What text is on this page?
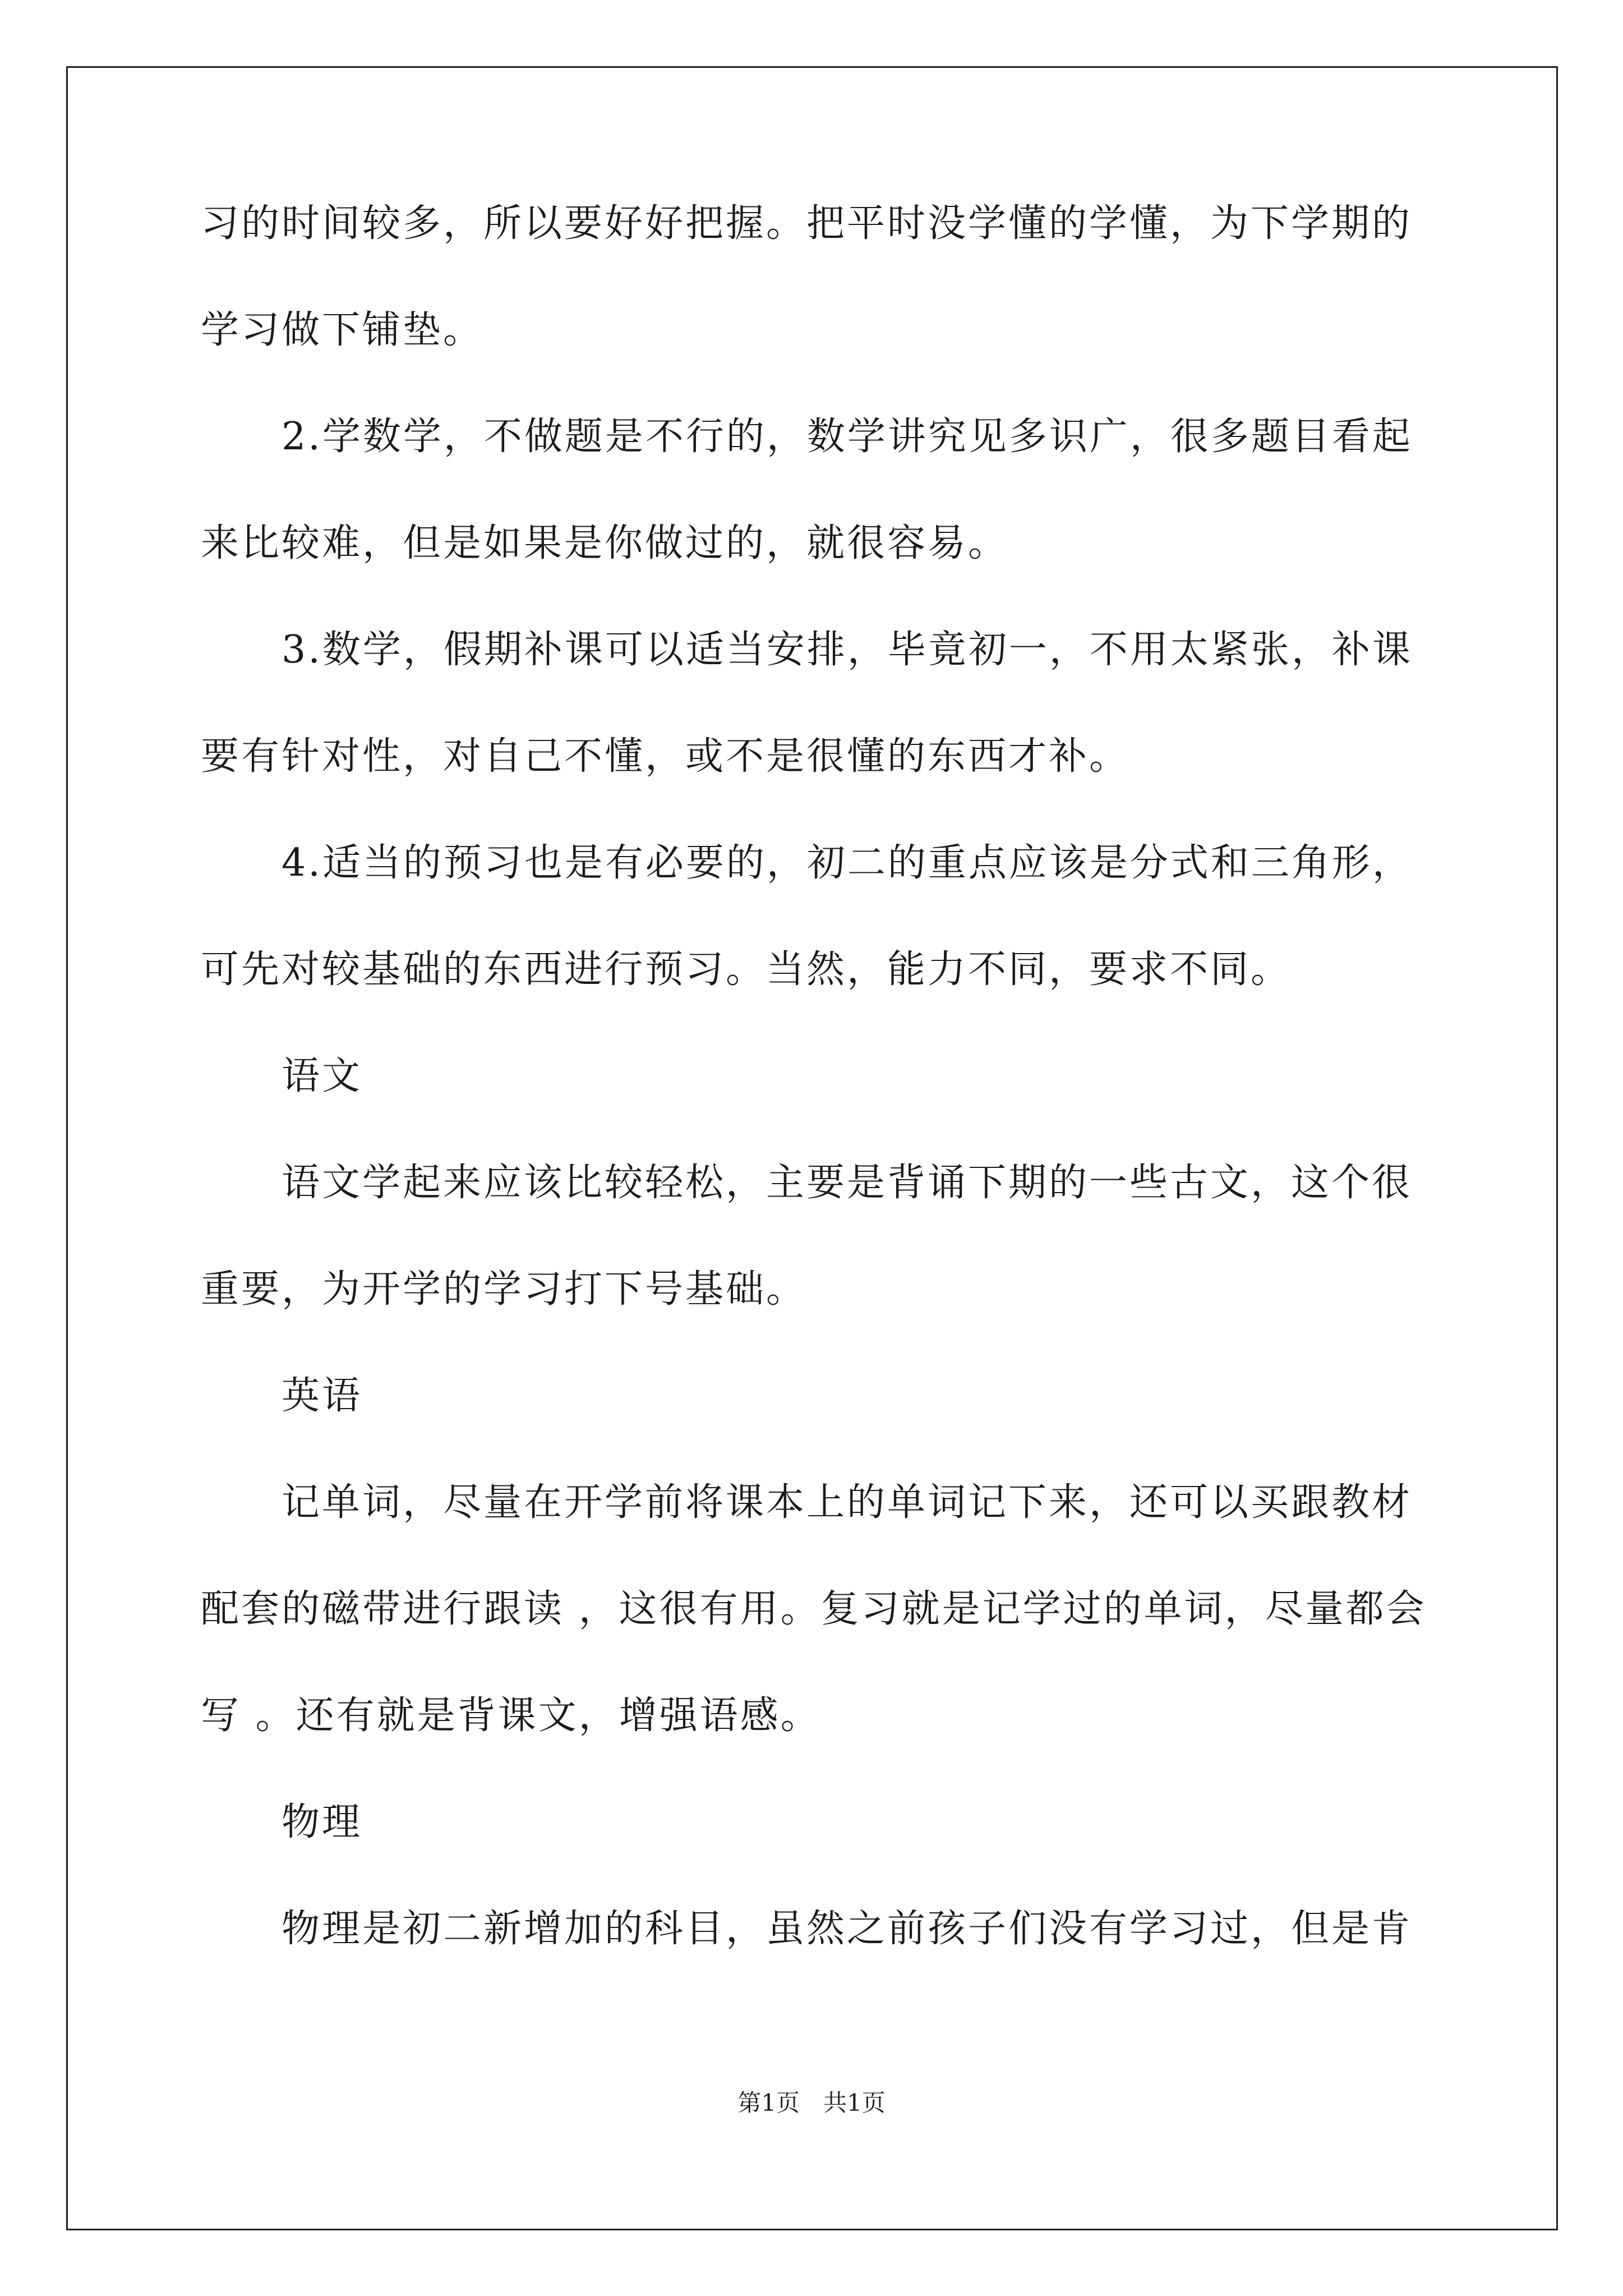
习的时间较多，所以要好好把握。把平时没学懂的学懂，为下学期的
学习做下铺垫。
2.学数学，不做题是不行的，数学讲究见多识广，很多题目看起
来比较难，但是如果是你做过的，就很容易。
3.数学，假期补课可以适当安排，毕竟初一，不用太紧张，补课
要有针对性，对自己不懂，或不是很懂的东西才补。
4.适当的预习也是有必要的，初二的重点应该是分式和三角形，
可先对较基础的东西进行预习。当然，能力不同，要求不同。
语文
语文学起来应该比较轻松，主要是背诵下期的一些古文，这个很
重要，为开学的学习打下号基础。
英语
记单词，尽量在开学前将课本上的单词记下来，还可以买跟教材
配套的磁带进行跟读 ，这很有用。复习就是记学过的单词，尽量都会
写 。还有就是背课文，增强语感。
物理
物理是初二新增加的科目，虽然之前孩子们没有学习过，但是肯
第1页　共1页
